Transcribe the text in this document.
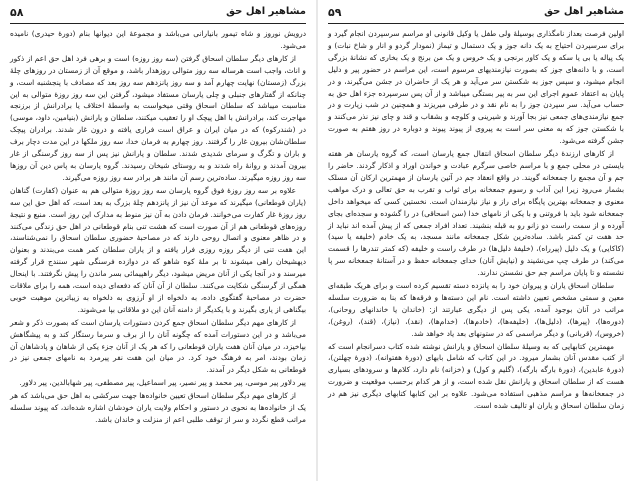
مشاهیر اهل حق
۵۸

درویش نوروز و شاه تیمور بانیارانی می‌باشد و مجموعهٔ این دیوانها بنام (دورهٔ حیدری) نامیده می‌شود.

از کارهای دیگر سلطان اسحاق گرفتن (سه روز روزه) است و برهی فرد اهل حق اعم از ذکور و اناث، واجب است هرساله سه روز متوالی روزهدار باشد، و موقع آن از زمستان در روزهای چلهٔ بزرگ (زمستان) نهایت چهارم آمد و سه روز پانزدهم سه روز بعد که مصادف با پنجشنبه است، و چنانکه از گفتارهای جنبلی و چلی یارسان مستفاد میشود، گرفتن این سه روز روزهٔ متوالی به این مناسبت میباشد که سلطان اسحاق وقتی میخواست به واسطهٔ اختلاف یا برادرانش از برزنجه مهاجرت کند، برادرانش با اهل پیچک او را تعقیب میکنند، سلطان و یارانش (بنیامین، داود، موسی) در (شندرکوه) که در میان ایران و عراق است فراری یافته و درون غار شدند. برادران پیچک سلطان‌شان بیرون غار را گرفتند. روز چهارم به فرمان خدا، سه روز ملکها در این مدت دچار برف و باران و تگرگ و سرمای شدیدی شدند. سلطان و یارانش نیز پس از سه روز گرسنگی از غار بیرون آمدند و روانهٔ راه شدند و به روستای شیخان رسیدند. گروه یارسان به پاس دین آن روزها سه روز روزه میگیرند. ساده‌ترین رسم آن مانند هر برادر سه روز روزه می‌گیرند.

علاوه بر سه روز روزهٔ فوق گروه یارسان سه روز روزهٔ متوالی هم به عنوان (کفارت) گناهان (یاران قوطعانی) میگیرند که موعد آن نیز از پانزدهم چلهٔ بزرگ به بعد است، که اهل حق این سه روز روزهٔ غار کفارت می‌خوانند. فرمان دادن به آن نیز منوط به مدارک این روز است. منبع و نتیجهٔ روزه‌های قوطعانی هم از آن صورت است که هشت تنی بنام قوطعانی در اهل حق زندگی می‌کنند و در ظاهر معنوی و اتصال روحی دارند که در مصاحبهٔ حضوری سلطان اسحاق را نمی‌شناسند، این هفت تنی از دیگر روزه روزی فرار یافته و از یاران سلطان کمر همت می‌بندند و بعنوان دیهشیخان راهی میشوند تا بر ملهٔ کوه شاهو که در دوازده فرسنگی شهر سنندج قرار گرفته میرسند و در آنجا یکی از آنان مریض میشود، دیگر راهپیمائی بسر ماندن را پیش نگرفتند. با اینحال همگی از گرسنگی شکایت می‌کنند. سلطان از آن آنان که دفعه‌ای دیده است، همه را برای ملاقات حضرت در مصاحبهٔ گفتگوی داده، به دلخواه از او آرزوی به دلخواه به زیباترین موهبت خوبی بیگناهی از یاری بگیرند و با یکدیگر از دامنه آنان این دو ملاقاتی بپا می‌شوند.

از کارهای مهم دیگر سلطان اسحاق جمع کردن دستورات یارسان است که بصورت ذکر و شعر می‌باشد و در این دستورات آمده که چگونه آنان را از برف و سرما رستگار کند و به پیشگاهش بپاخیزد، در میان آنان هفت یاران قوطعانی را که هر یک از آنان جزء یکی از شاهان و پادشاهان آن زمان بودند، امر به فرهنگ خود کرد. در میان این هفت نفر پیرمرد به نامهای جمعی نیز در قوطعانی به شکل دیگر در آمدند.

پیر دلاور پیر موسی، پیر محمد و پیر نصیر، پیر اسماعیل، پیر مصطفی، پیر شهابالدین، پیر دلاور.

از کارهای مهم دیگر سلطان اسحاق تعیین خانواده‌ها جهت سرکشی به اهل حق می‌باشد که هر یک از خانواده‌ها به نحوی در دستور و احکام ولایت یاران خودشان اشاره شده‌اند، که پیوند سلسله مراتب قطع نگردد و سر از توقف طلبی اعم از منزلت و خاندان باشد.

مشاهیر اهل حق
۵۹

اولین فرصت بعداز نامگذاری بوسیلهٔ ولی طفل یا وکیل قانونی او مراسم سرسپردن انجام گیرد و برای سرسپردن احتیاج به یک دانه جوز و یک دستمال و تیماز (نمودار گردو و انار و شاخ نبات) و یک پیاله یا بی یا سکه و یک کاور برنجی و یک خروس و یک من برنج و یک بخاری که نشانهٔ بزرگی است، و با دانه‌های جوز که بصورت نیازمندیهای مرسوم است، این مراسم در حضور پیر و دلیل انجام میشود، و سپس جوز به شکستن سر می‌آید و هر یک از حاضران در جشن می‌گیرند، و در پایان به اعتقاد عموم اجرای این سر به پیر بستگی میباشد و از آن پس سرسپرده جزء اهل حق به حساب می‌آید. سر سپردن جوز را به نام نقد و در طرفی میریزند و همچنین در شب زیارت و در جمع نیازمندی‌های جمعی نیز بجا آورند و شیرینی و کلوچه و بشقاب و قند و چای نیز نذر می‌کنند و با شکستن جوز که به معنی سر است به پیروی از پیوند پیوند و دوباره در روز هفتم به صورت جشن گرفته می‌شود.

از کارهای ارزندهٔ دیگر سلطان اسحاق انتقال جمع یارسان است، که گروه یارسان هر هفته بایستی در محلی جمع و با مراسم خاصی سرگرم عبادت و خواندن اوراد و اذکار گردند. حاضر را جم و آن مجمع را جمعخانه گویند. در واقع انعقاد جم در آئین یارسان از مهمترین ارکان آن مسلک بشمار می‌رود زیرا این آداب و رسوم جمعخانه برای ثواب و تقرب به حق تعالی و درک مواهب معنوی و جمعخانه بهترین پایگاه برای راز و نیاز نیازمندان است. نخستین کسی که میخواهد داخل جمعخانه شود باید با فروتنی و با یکی از نامهای خدا (سن اسحاقی) در را گشوده و سجده‌ای بجای آورده و از سمت راست دو زانو رو به قبله بنشیند. تعداد افراد جمعی که از پیش آمده اند نباید از حد هفت تن کمتر باشد. ساده‌ترین شکل جمعخانه مانند مسجد، به یک خادم (خلیفه یا سید) (کاکایی) و یک دلیل (پیرراه)، (خلیفهٔ دلیل‌ها) در طرف راست و خلیفه (که کمتر تندرها را قسمت می‌کند) در طرف چپ می‌نشیند و (نیایش آنان) خدای جمعخانه حفظ و در آستانهٔ جمعخانه سر پا نشسته و تا پایان مراسم جم حق نشستن ندارند.

سلطان اسحاق یاران و پیروان خود را به پانزده دسته تقسیم کرده است و برای هریک طبقه‌ای معین و سمتی مشخص تعیین داشته است. نام این دسته‌ها و فرقه‌ها که بنا به ضرورت سلسله مراتب در آنان بوجود آمده، یکی پس از دیگری عبارتند از: (خاندان یا خاندانهای روحانی)، (دوره‌ها)، (پیرها)، (دلیل‌ها)، (خلیفه‌ها)، (خادم‌ها)، (خدام‌ها)، (نقد)، (نیاز)، (قند)، (روغن)، (خروس)، (قربانی) و دیگر مراسمی که در ستونهای بعد یاد خواهد شد.

مهمترین کتابهایی که به وسیلهٔ سلطان اسحاق و یارانش نوشته شده کتاب دسرانجام است که از کتب مقدس آنان بشمار میرود. در این کتاب که شامل بابهای (دورهٔ هفتوانه)، (دورهٔ چهلتن)، (دورهٔ عابدین)، (دورهٔ بارگه بارگه)، (گلیم و کول) و (خزانه) نام دارد، کلام‌ها و سرودهای بسیاری هست که از سلطان اسحاق و یارانش نقل شده است، و از هر کدام برحسب موقعیت و ضرورت در جمعخانه‌ها و مراسم مذهبی استفاده می‌شود. علاوه بر این کتابها کتابهای دیگری نیز هم در زمان سلطان اسحاق و یاران او تالیف شده است.
